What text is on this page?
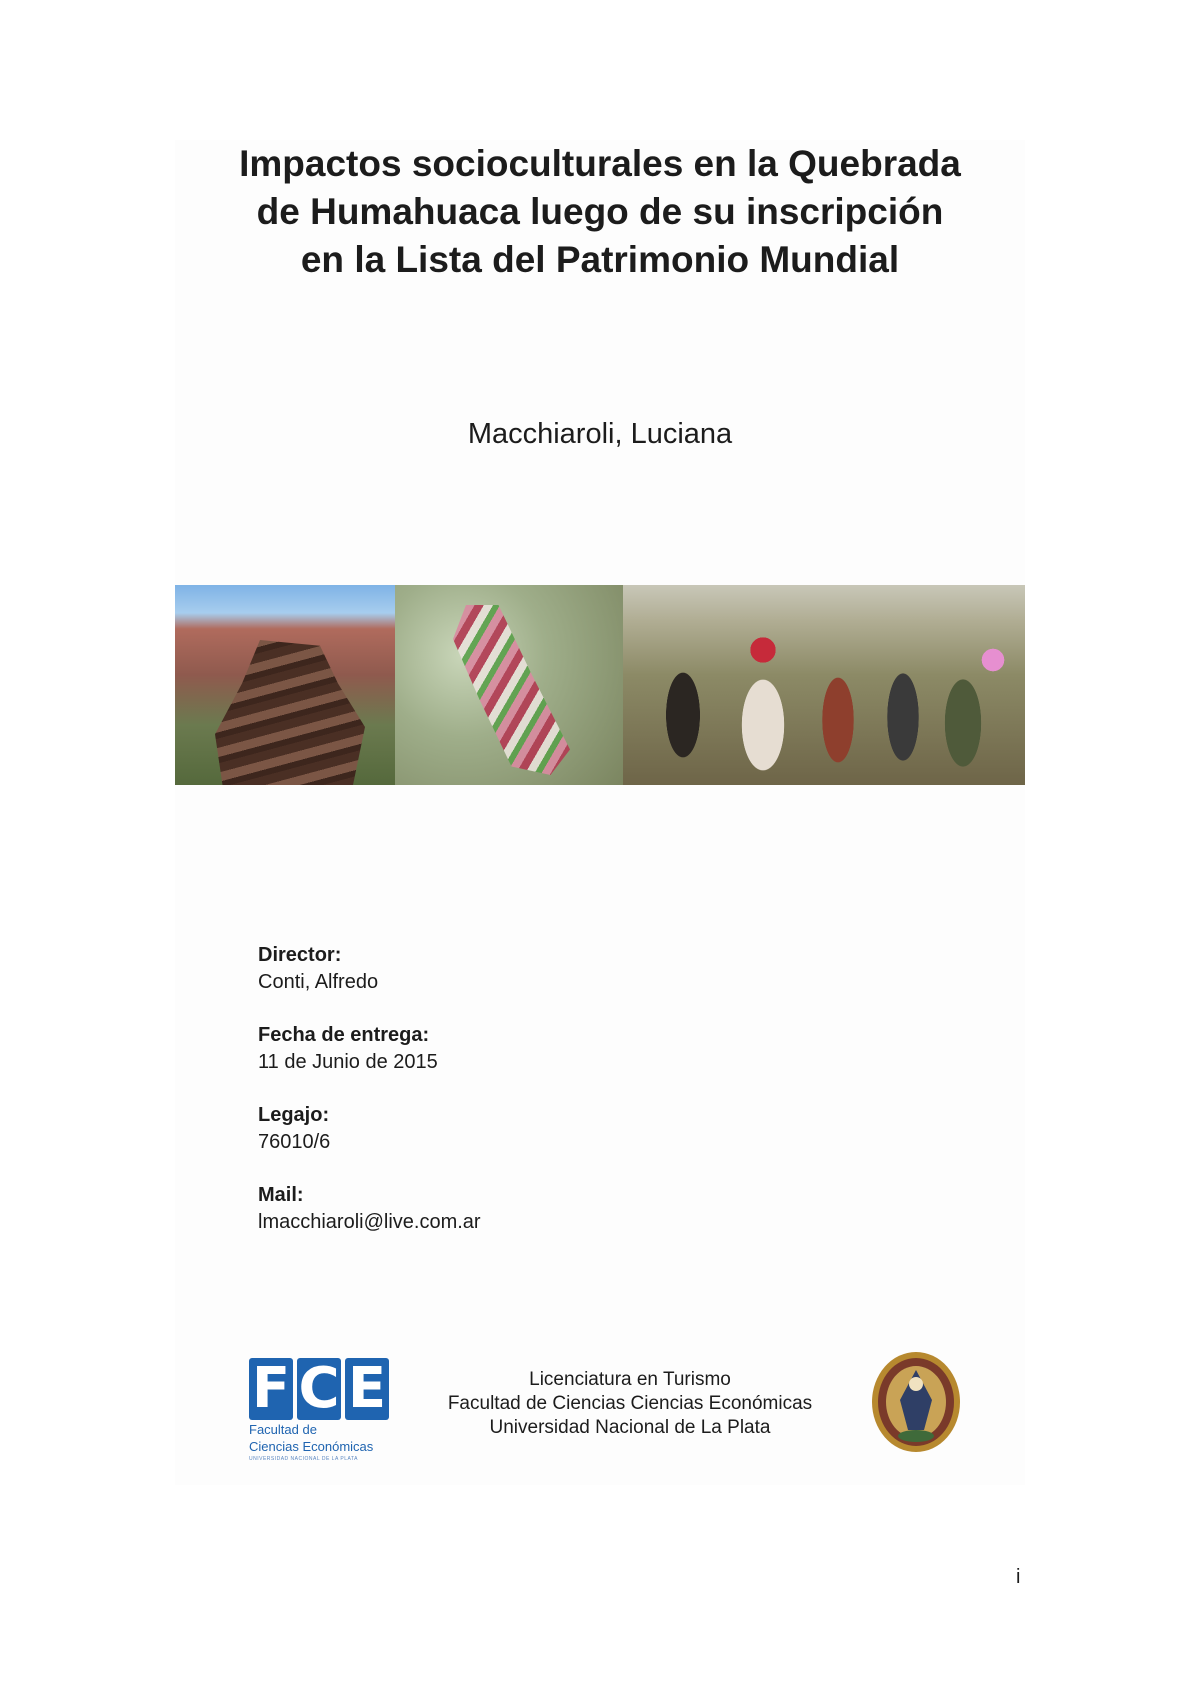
Impactos socioculturales en la Quebrada
de Humahuaca luego de su inscripción
en la Lista del Patrimonio Mundial
Macchiaroli, Luciana
Director:
Conti, Alfredo
Fecha de entrega:
11 de Junio de 2015
Legajo:
76010/6
Mail:
lmacchiaroli@live.com.ar
F C E
Facultad de
Ciencias Económicas
UNIVERSIDAD NACIONAL DE LA PLATA
Licenciatura en Turismo
Facultad de Ciencias Ciencias Económicas
Universidad Nacional de La Plata
i
